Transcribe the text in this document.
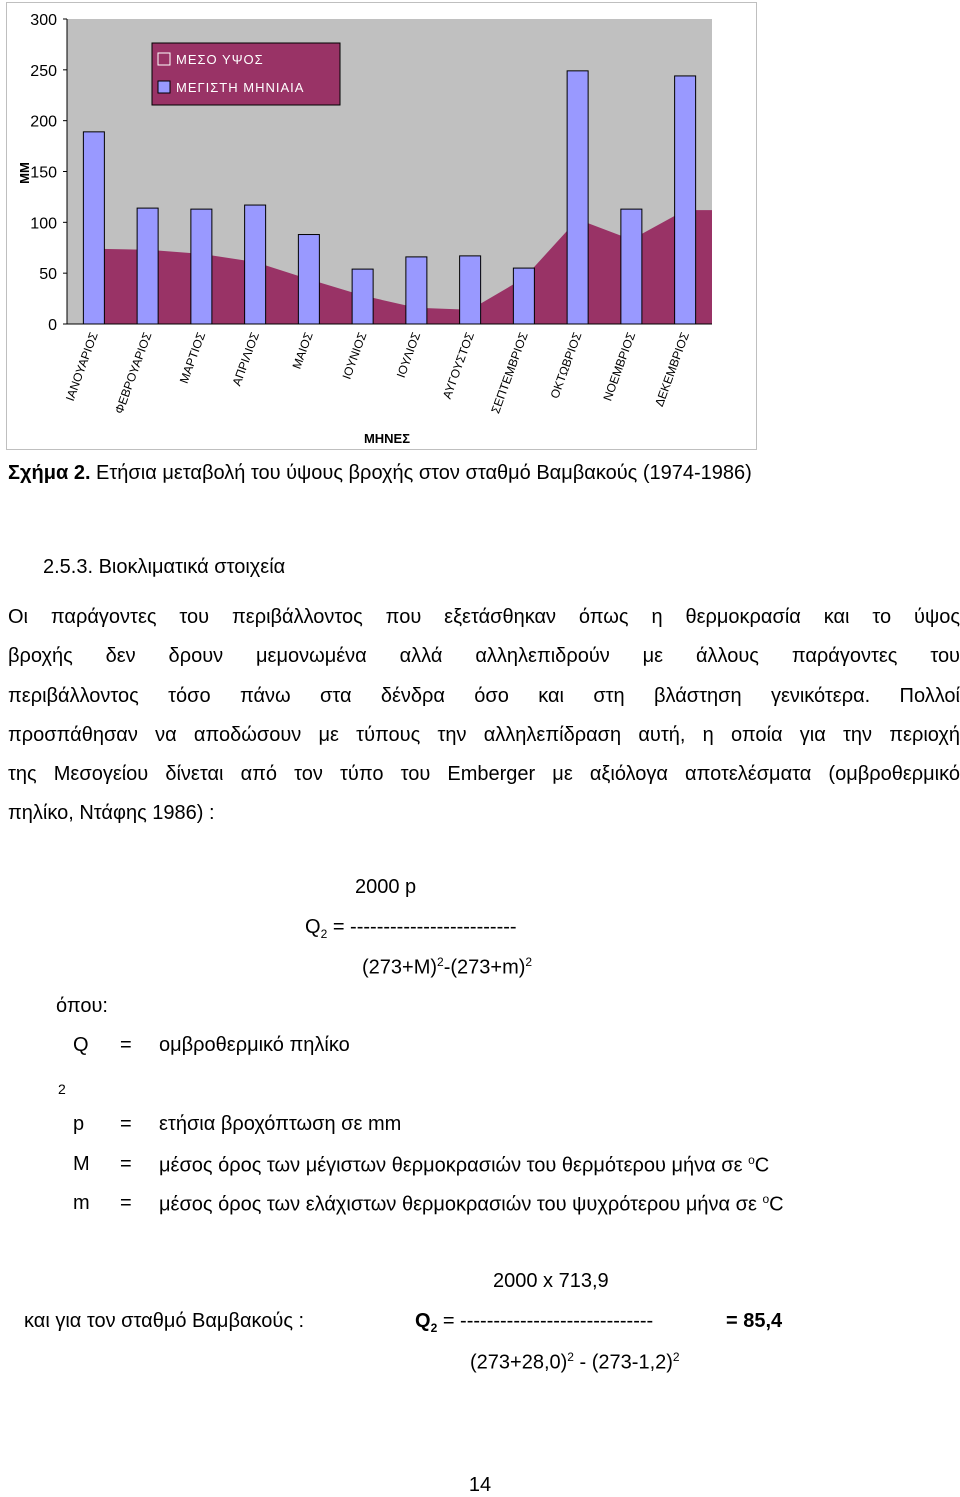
0
50
100
150
200
250
300
ΙΑΝΟΥΑΡΙΟΣ ΦΕΒΡΟΥΑΡΙΟΣ ΜΑΡΤΙΟΣ ΑΠΡΙΛΙΟΣ ΜΑΙΟΣ ΙΟΥΝΙΟΣ ΙΟΥΛΙΟΣ ΑΥΓΟΥΣΤΟΣ ΣΕΠΤΕΜΒΡΙΟΣ ΟΚΤΩΒΡΙΟΣ ΝΟΕΜΒΡΙΟΣ ΔΕΚΕΜΒΡΙΟΣ
ΜΕΣΟ ΥΨΟΣ
ΜΕΓΙΣΤΗ ΜΗΝΙΑΙΑ
ΜΜ
ΜΗΝΕΣ
Σχήμα 2. Ετήσια μεταβολή του ύψους βροχής στον σταθμό Βαμβακούς (1974-1986)
2.5.3. Βιοκλιματικά στοιχεία
Οι παράγοντες του περιβάλλοντος που εξετάσθηκαν όπως η θερμοκρασία και το ύψος
βροχής δεν δρουν μεμονωμένα αλλά αλληλεπιδρούν με άλλους παράγοντες του
περιβάλλοντος τόσο πάνω στα δένδρα όσο και στη βλάστηση γενικότερα. Πολλοί
προσπάθησαν να αποδώσουν με τύπους την αλληλεπίδραση αυτή, η οποία για την περιοχή
της Μεσογείου δίνεται από τον τύπο του Emberger με αξιόλογα αποτελέσματα (ομβροθερμικό
πηλίκο, Ντάφης 1986) :
2000 p
$Q_2$ = -------------------------
$(273+M)^2-(273+m)^2$
όπου:
Q = ομβροθερμικό πηλίκο
2
p = ετήσια βροχόπτωση σε mm
M = μέσος όρος των μέγιστων θερμοκρασιών του θερμότερου μήνα σε $^o$C
m = μέσος όρος των ελάχιστων θερμοκρασιών του ψυχρότερου μήνα σε $^o$C
2000 x 713,9
και για τον σταθμό Βαμβακούς :	$Q_2$ = -----------------------------	= 85,4
$(273+28,0)^2 - (273-1,2)^2$
14
